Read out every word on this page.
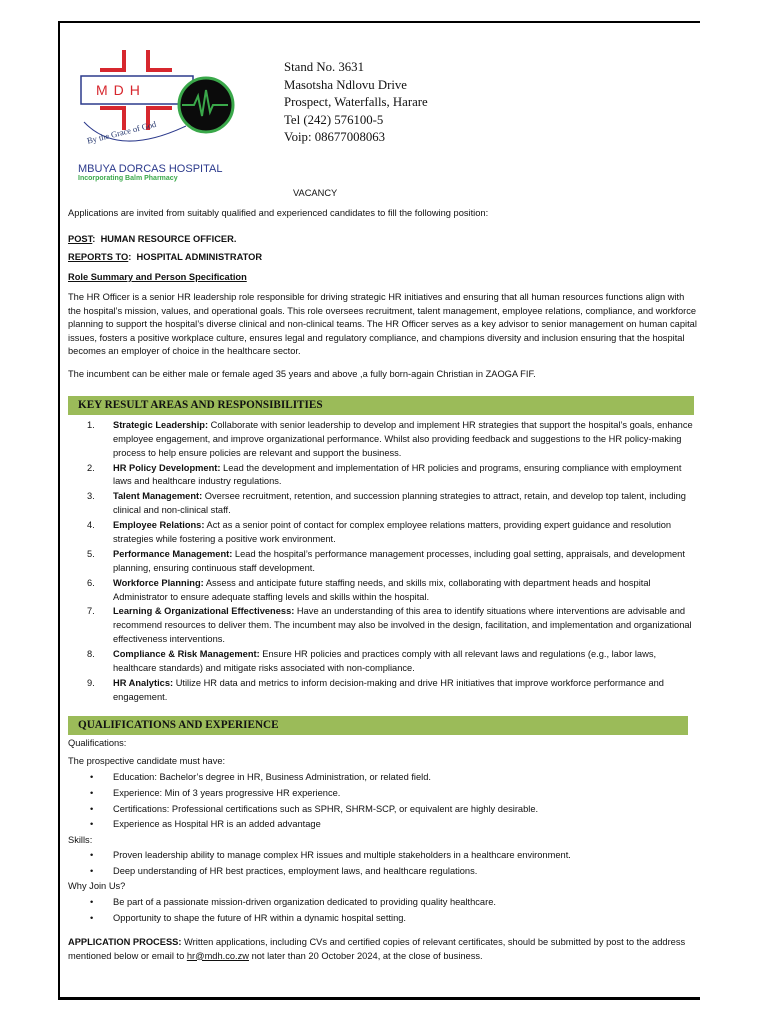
MDH
By the Grace of God
MBUYA DORCAS HOSPITAL
Incorporating Balm Pharmacy
Stand No. 3631
Masotsha Ndlovu Drive
Prospect, Waterfalls, Harare
Tel (242) 576100-5
Voip: 08677008063
VACANCY
Applications are invited from suitably qualified and experienced candidates to fill the following position:
POST:  HUMAN RESOURCE OFFICER.
REPORTS TO:  HOSPITAL ADMINISTRATOR
Role Summary and Person Specification
The HR Officer is a senior HR leadership role responsible for driving strategic HR initiatives and ensuring that all human resources functions align with the hospital’s mission, values, and operational goals. This role oversees recruitment, talent management, employee relations, compliance, and workforce planning to support the hospital’s diverse clinical and non-clinical teams. The HR Officer serves as a key advisor to senior management on human capital issues, fosters a positive workplace culture, ensures legal and regulatory compliance, and champions diversity and inclusion ensuring that the hospital becomes an employer of choice in the healthcare sector.
The incumbent can be either male or female aged 35 years and above ,a fully born-again Christian in ZAOGA FIF.
KEY RESULT AREAS AND RESPONSIBILITIES
1.	Strategic Leadership: Collaborate with senior leadership to develop and implement HR strategies that support the hospital’s goals, enhance employee engagement, and improve organizational performance. Whilst also providing feedback and suggestions to the HR policy-making process to help ensure policies are relevant and support the business.
2.	HR Policy Development: Lead the development and implementation of HR policies and programs, ensuring compliance with employment laws and healthcare industry regulations.
3.	Talent Management: Oversee recruitment, retention, and succession planning strategies to attract, retain, and develop top talent, including clinical and non-clinical staff.
4.	Employee Relations: Act as a senior point of contact for complex employee relations matters, providing expert guidance and resolution strategies while fostering a positive work environment.
5.	Performance Management: Lead the hospital’s performance management processes, including goal setting, appraisals, and development planning, ensuring continuous staff development.
6.	Workforce Planning: Assess and anticipate future staffing needs, and skills mix, collaborating with department heads and hospital Administrator to ensure adequate staffing levels and skills within the hospital.
7.	Learning & Organizational Effectiveness: Have an understanding of this area to identify situations where interventions are advisable and recommend resources to deliver them. The incumbent may also be involved in the design, facilitation, and implementation and organizational effectiveness interventions.
8.	Compliance & Risk Management: Ensure HR policies and practices comply with all relevant laws and regulations (e.g., labor laws, healthcare standards) and mitigate risks associated with non-compliance.
9.	HR Analytics: Utilize HR data and metrics to inform decision-making and drive HR initiatives that improve workforce performance and engagement.
QUALIFICATIONS AND EXPERIENCE
Qualifications:
The prospective candidate must have:
• Education: Bachelor’s degree in HR, Business Administration, or related field.
• Experience: Min of 3 years progressive HR experience.
• Certifications: Professional certifications such as SPHR, SHRM-SCP, or equivalent are highly desirable.
• Experience as Hospital HR is an added advantage
Skills:
• Proven leadership ability to manage complex HR issues and multiple stakeholders in a healthcare environment.
• Deep understanding of HR best practices, employment laws, and healthcare regulations.
Why Join Us?
• Be part of a passionate mission-driven organization dedicated to providing quality healthcare.
• Opportunity to shape the future of HR within a dynamic hospital setting.
APPLICATION PROCESS: Written applications, including CVs and certified copies of relevant certificates, should be submitted by post to the address mentioned below or email to hr@mdh.co.zw not later than 20 October 2024, at the close of business.
